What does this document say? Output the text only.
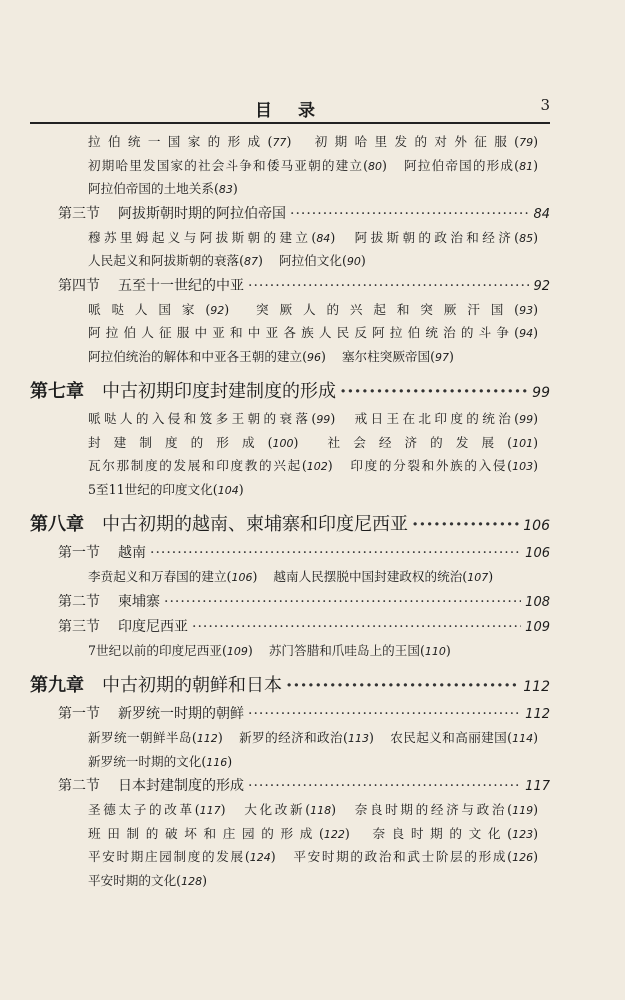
目 录	3
拉伯统一国家的形成(77) 初期哈里发的对外征服(79) 初期哈里发国家的社会斗争和倭马亚朝的建立(80) 阿拉伯帝国的形成(81) 阿拉伯帝国的土地关系(83)
第三节 阿拔斯朝时期的阿拉伯帝国 ·····	84
穆苏里姆起义与阿拔斯朝的建立(84) 阿拔斯朝的政治和经济(85) 人民起义和阿拔斯朝的衰落(87) 阿拉伯文化(90)
第四节 五至十一世纪的中亚 ·····	92
哌哒人国家(92) 突厥人的兴起和突厥汗国(93) 阿拉伯人征服中亚和中亚各族人民反阿拉伯统治的斗争(94) 阿拉伯统治的解体和中亚各王朝的建立(96) 塞尔柱突厥帝国(97)
第七章 中古初期印度封建制度的形成 ·····	99
哌哒人的入侵和笈多王朝的衰落(99) 戒日王在北印度的统治(99) 封建制度的形成(100) 社会经济的发展(101) 瓦尔那制度的发展和印度教的兴起(102) 印度的分裂和外族的入侵(103) 5至11世纪的印度文化(104)
第八章 中古初期的越南、柬埔寨和印度尼西亚 ·····	106
第一节 越南 ·····	106
李贲起义和万春国的建立(106) 越南人民摆脱中国封建政权的统治(107)
第二节 柬埔寨 ·····	108
第三节 印度尼西亚 ·····	109
7世纪以前的印度尼西亚(109) 苏门答腊和爪哇岛上的王国(110)
第九章 中古初期的朝鲜和日本 ·····	112
第一节 新罗统一时期的朝鲜 ·····	112
新罗统一朝鲜半岛(112) 新罗的经济和政治(113) 农民起义和高丽建国(114) 新罗统一时期的文化(116)
第二节 日本封建制度的形成 ·····	117
圣德太子的改革(117) 大化改新(118) 奈良时期的经济与政治(119) 班田制的破坏和庄园的形成(122) 奈良时期的文化(123) 平安时期庄园制度的发展(124) 平安时期的政治和武士阶层的形成(126) 平安时期的文化(128)
